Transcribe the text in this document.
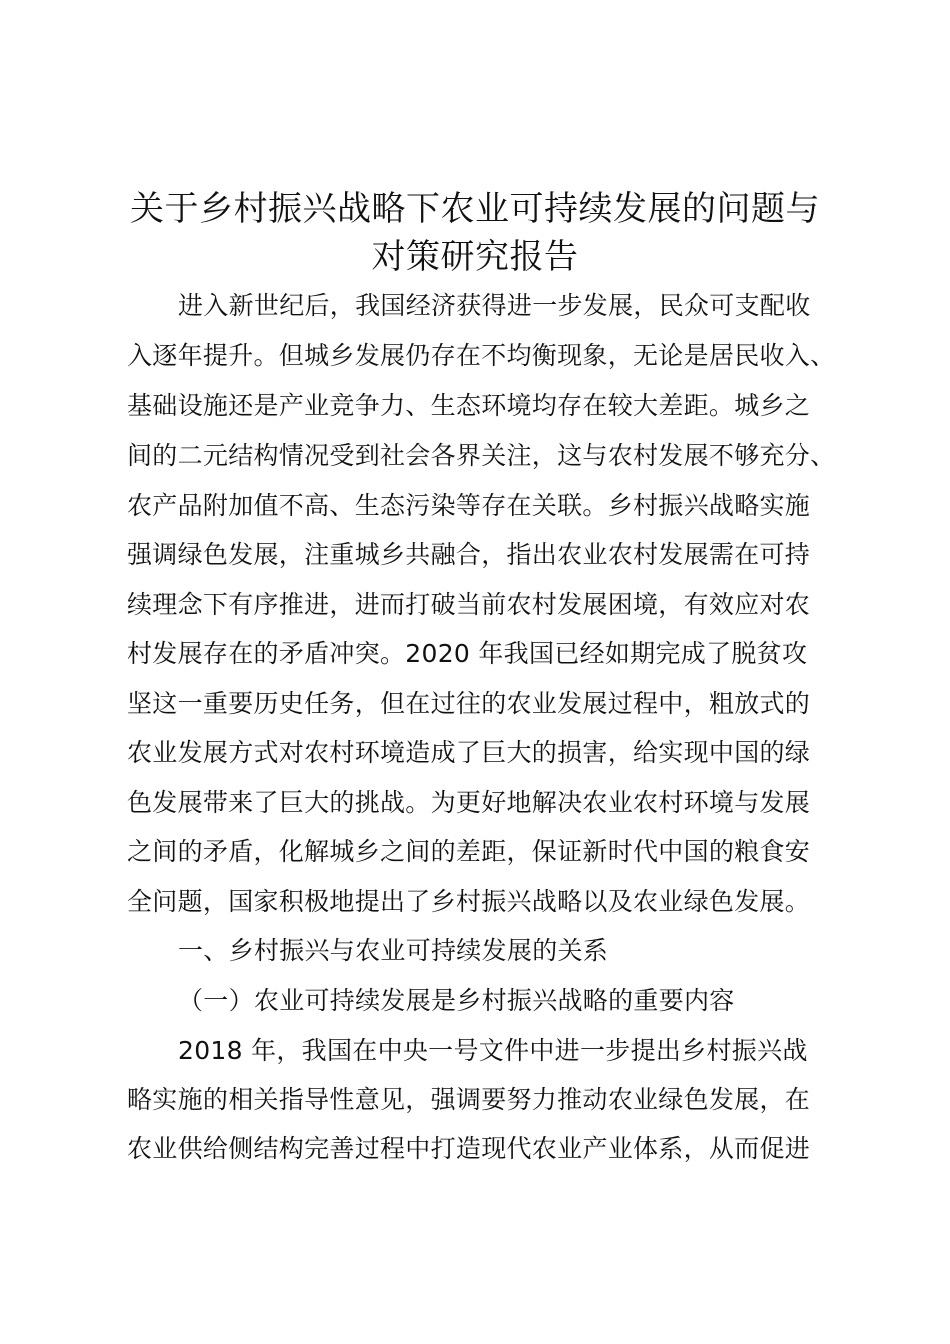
关于乡村振兴战略下农业可持续发展的问题与
对策研究报告
进入新世纪后，我国经济获得进一步发展，民众可支配收
入逐年提升。但城乡发展仍存在不均衡现象，无论是居民收入、
基础设施还是产业竞争力、生态环境均存在较大差距。城乡之
间的二元结构情况受到社会各界关注，这与农村发展不够充分、
农产品附加值不高、生态污染等存在关联。乡村振兴战略实施
强调绿色发展，注重城乡共融合，指出农业农村发展需在可持
续理念下有序推进，进而打破当前农村发展困境，有效应对农
村发展存在的矛盾冲突。2020 年我国已经如期完成了脱贫攻
坚这一重要历史任务，但在过往的农业发展过程中，粗放式的
农业发展方式对农村环境造成了巨大的损害，给实现中国的绿
色发展带来了巨大的挑战。为更好地解决农业农村环境与发展
之间的矛盾，化解城乡之间的差距，保证新时代中国的粮食安
全问题，国家积极地提出了乡村振兴战略以及农业绿色发展。
一、乡村振兴与农业可持续发展的关系
（一）农业可持续发展是乡村振兴战略的重要内容
2018 年，我国在中央一号文件中进一步提出乡村振兴战
略实施的相关指导性意见，强调要努力推动农业绿色发展，在
农业供给侧结构完善过程中打造现代农业产业体系，从而促进
